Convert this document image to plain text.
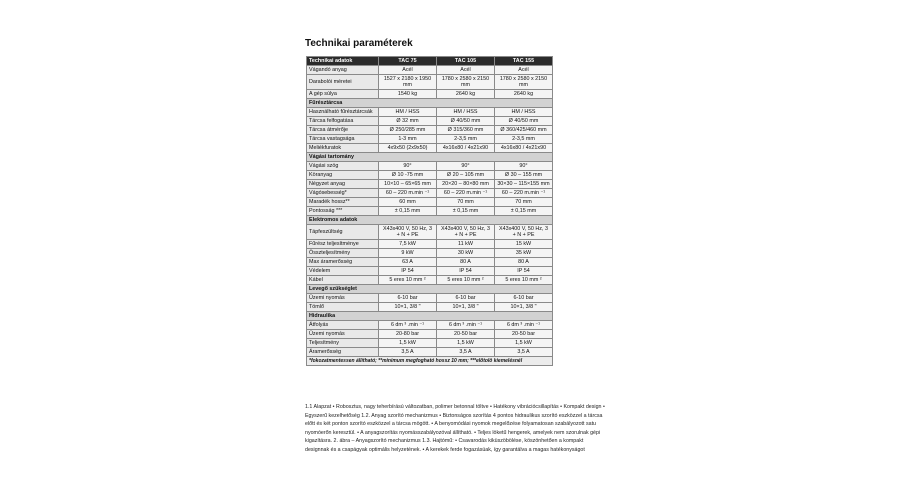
Technikai paraméterek
Technikai adatok	TAC 75	TAC 105	TAC 155
Vágandó anyag	Acél	Acél	Acél
Darabolói méretei	1527 x 2180 x 1950 mm	1780 x 2580 x 2150 mm	1780 x 2580 x 2150 mm
A gép súlya	1540 kg	2640 kg	2640 kg
Fűrésztárcsa			
Használható fűrésztárcsák	HM / HSS	HM / HSS	HM / HSS
Tárcsa felfogatása	Ø 32 mm	Ø 40/50 mm	Ø 40/50 mm
Tárcsa átmérője	Ø 250/285 mm	Ø 315/360 mm	Ø 360/425/460 mm
Tárcsa vastagsága	1-3 mm	2-3,5 mm	2-3,5 mm
Meliékfuratok	4x9x50 (2x9x50)	4x16x80 / 4x21x90	4x16x80 / 4x21x90
Vágási tartomány			
Vágási szög	90°	90°	90°
Köranyag	Ø 10 -75 mm	Ø 20 – 105 mm	Ø 30 – 155 mm
Négyzet anyag	10×10 – 65×65 mm	20×20 – 80×80 mm	30×30 – 115×155 mm
Vágósebesség*	60 – 220 m.min ⁻¹	60 – 220 m.min ⁻¹	60 – 220 m.min ⁻¹
Maradék hossz**	60 mm	70 mm	70 mm
Pontosság ***	± 0,15 mm	± 0,15 mm	± 0,15 mm
Elektromos adatok			
Tápfeszültség	X43x400 V, 50 Hz, 3 + N + PE	X43x400 V, 50 Hz, 3 + N + PE	X43x400 V, 50 Hz, 3 + N + PE
Fűrész teljesítménye	7,5 kW	11 kW	15 kW
Összteljesítmény	9 kW	30 kW	35 kW
Max áramerősség	63 A	80 A	80 A
Védelem	IP 54	IP 54	IP 54
Kábel	5 eres 10 mm ²	5 eres 10 mm ²	5 eres 10 mm ²
Levegő szükséglet			
Üzemi nyomás	6-10 bar	6-10 bar	6-10 bar
Tömlő	10×1, 3/8 "	10×1, 3/8 "	10×1, 3/8 "
Hidraulika			
Átfolyás	6 dm ³ .min ⁻¹	6 dm ³ .min ⁻¹	6 dm ³ .min ⁻¹
Üzemi nyomás	20-80 bar	20-50 bar	20-50 bar
Teljesítmény	1,5 kW	1,5 kW	1,5 kW
Áramerősség	3,5 A	3,5 A	3,5 A
*fokozatmentessen állítható; **minimum megfogható hossz 10 mm; ***előtolô kiemelésnél			
1.1 Alapzat • Robosztus, nagy teherbírású változatban, polimer betonnal töltve • Hatékony vibrációcsillapítás • Kompakt design • Egyszerű kezelhetőség 1.2. Anyag szorító mechanizmus • Biztonságos szorítás 4 pontos hidraulikus szorító eszközzel a tárcsa előtt és két ponton szorító eszközzel a tárcsa mögött. • A benyomódási nyomok megelőzése folyamatosan szabályozott satu nyomóerőn keresztül. • A anyagszorítás nyomásszabályozóval állítható. • Teljes löketű hengerek, amelyek nem szorulnak gépi kigazításra. 2. ábra – Anyagszorító mechanizmus 1.3. Hajtómű: • Csavarodás kiküszöbölése, köszönhetően a kompakt designnak és a csapágyak optimális helyzetének. • A kerekek ferde fogazásúak, így garantálva a magas hatékonyságot
